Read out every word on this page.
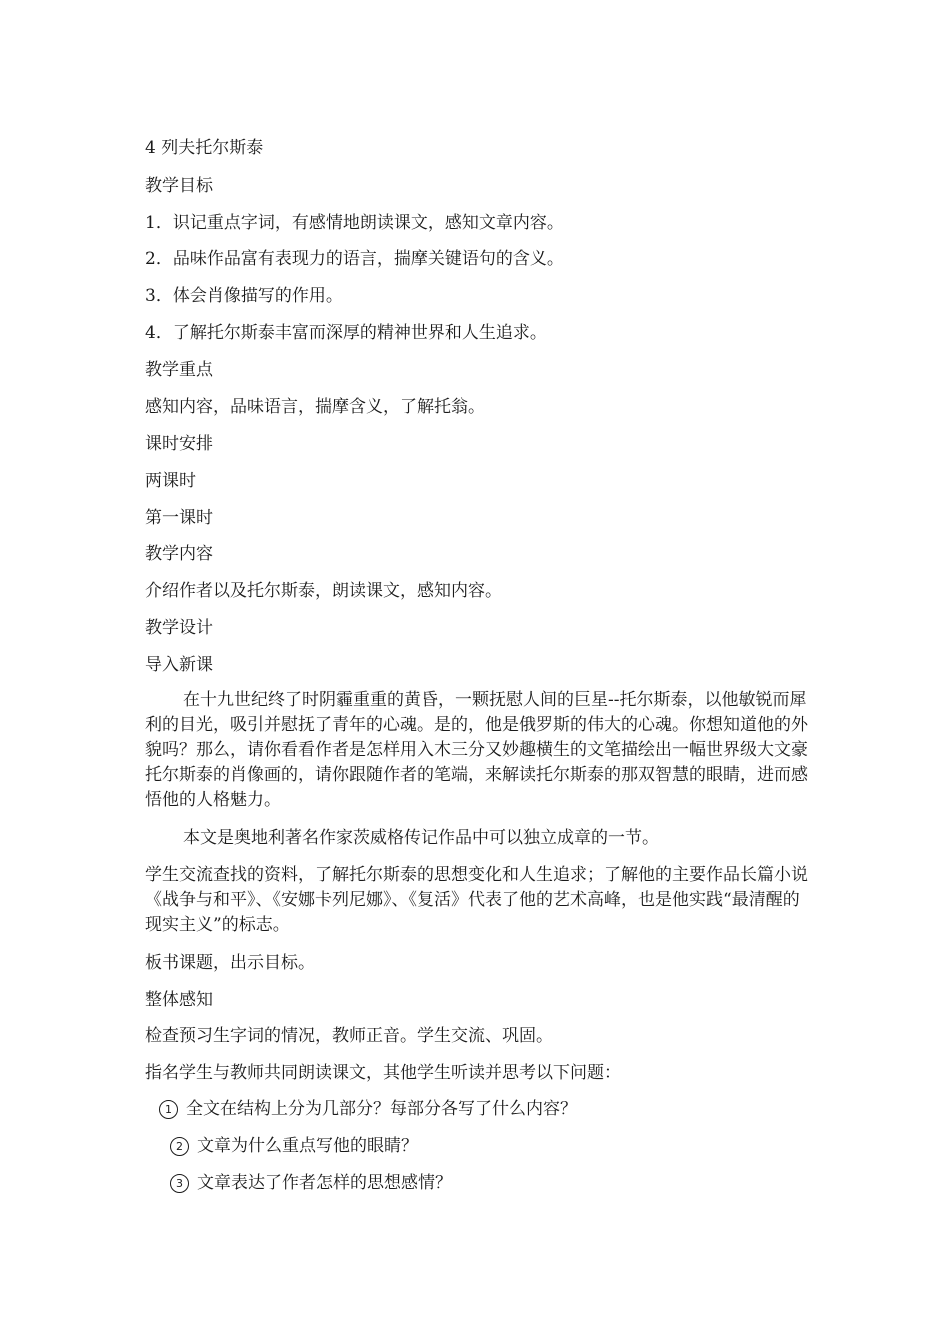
4 列夫托尔斯泰
教学目标
1．识记重点字词，有感情地朗读课文，感知文章内容。
2．品味作品富有表现力的语言，揣摩关键语句的含义。
3．体会肖像描写的作用。
4．了解托尔斯泰丰富而深厚的精神世界和人生追求。
教学重点
感知内容，品味语言，揣摩含义，了解托翁。
课时安排
两课时
第一课时
教学内容
介绍作者以及托尔斯泰，朗读课文，感知内容。
教学设计
导入新课
在十九世纪终了时阴霾重重的黄昏，一颗抚慰人间的巨星--托尔斯泰，以他敏锐而犀利的目光，吸引并慰抚了青年的心魂。是的，他是俄罗斯的伟大的心魂。你想知道他的外貌吗？那么，请你看看作者是怎样用入木三分又妙趣横生的文笔描绘出一幅世界级大文豪托尔斯泰的肖像画的，请你跟随作者的笔端，来解读托尔斯泰的那双智慧的眼睛，进而感悟他的人格魅力。
本文是奥地利著名作家茨威格传记作品中可以独立成章的一节。
学生交流查找的资料，了解托尔斯泰的思想变化和人生追求；了解他的主要作品长篇小说《战争与和平》、《安娜卡列尼娜》、《复活》代表了他的艺术高峰，也是他实践“最清醒的现实主义”的标志。
板书课题，出示目标。
整体感知
检查预习生字词的情况，教师正音。学生交流、巩固。
指名学生与教师共同朗读课文，其他学生听读并思考以下问题：
1 全文在结构上分为几部分？每部分各写了什么内容？
2 文章为什么重点写他的眼睛？
3 文章表达了作者怎样的思想感情？
